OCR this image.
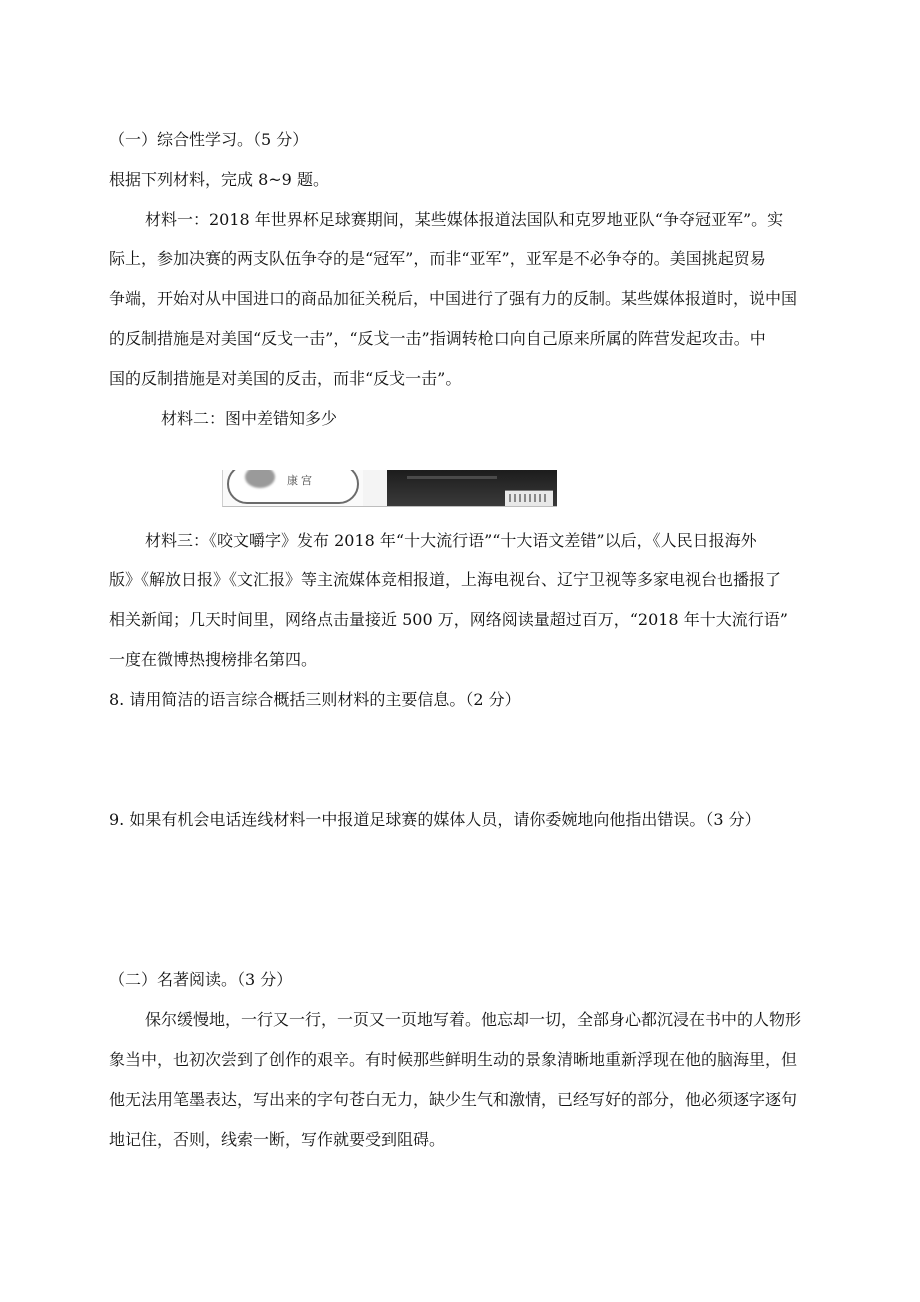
（一）综合性学习。（5 分）

根据下列材料，完成 8~9 题。

材料一：2018 年世界杯足球赛期间，某些媒体报道法国队和克罗地亚队“争夺冠亚军”。实

际上，参加决赛的两支队伍争夺的是“冠军”，而非“亚军”，亚军是不必争夺的。美国挑起贸易

争端，开始对从中国进口的商品加征关税后，中国进行了强有力的反制。某些媒体报道时，说中国

的反制措施是对美国“反戈一击”，“反戈一击”指调转枪口向自己原来所属的阵营发起攻击。中

国的反制措施是对美国的反击，而非“反戈一击”。

材料二：图中差错知多少

康宫

材料三：《咬文嚼字》发布 2018 年“十大流行语”“十大语文差错”以后，《人民日报海外

版》《解放日报》《文汇报》等主流媒体竞相报道，上海电视台、辽宁卫视等多家电视台也播报了

相关新闻；几天时间里，网络点击量接近 500 万，网络阅读量超过百万，“2018 年十大流行语”

一度在微博热搜榜排名第四。

8. 请用简洁的语言综合概括三则材料的主要信息。（2 分）

9. 如果有机会电话连线材料一中报道足球赛的媒体人员，请你委婉地向他指出错误。（3 分）

（二）名著阅读。（3 分）

保尔缓慢地，一行又一行，一页又一页地写着。他忘却一切，全部身心都沉浸在书中的人物形

象当中，也初次尝到了创作的艰辛。有时候那些鲜明生动的景象清晰地重新浮现在他的脑海里，但

他无法用笔墨表达，写出来的字句苍白无力，缺少生气和激情，已经写好的部分，他必须逐字逐句

地记住，否则，线索一断，写作就要受到阻碍。
